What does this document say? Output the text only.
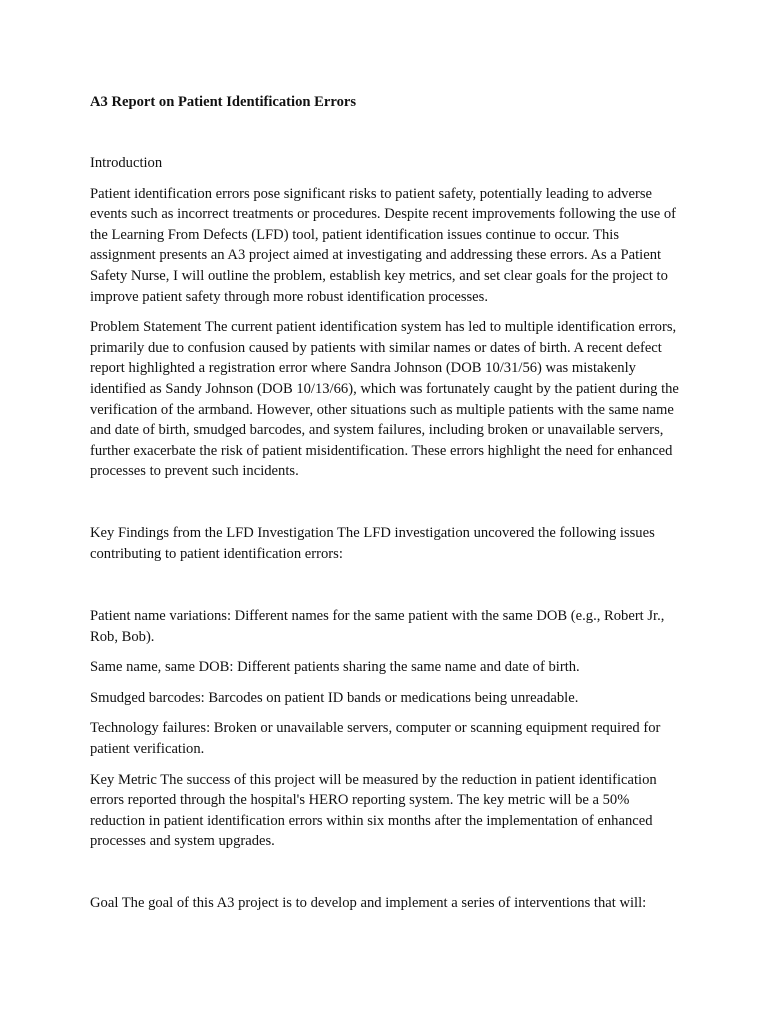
A3 Report on Patient Identification Errors
Introduction

Patient identification errors pose significant risks to patient safety, potentially leading to adverse events such as incorrect treatments or procedures. Despite recent improvements following the use of the Learning From Defects (LFD) tool, patient identification issues continue to occur. This assignment presents an A3 project aimed at investigating and addressing these errors. As a Patient Safety Nurse, I will outline the problem, establish key metrics, and set clear goals for the project to improve patient safety through more robust identification processes.

Problem Statement The current patient identification system has led to multiple identification errors, primarily due to confusion caused by patients with similar names or dates of birth. A recent defect report highlighted a registration error where Sandra Johnson (DOB 10/31/56) was mistakenly identified as Sandy Johnson (DOB 10/13/66), which was fortunately caught by the patient during the verification of the armband. However, other situations such as multiple patients with the same name and date of birth, smudged barcodes, and system failures, including broken or unavailable servers, further exacerbate the risk of patient misidentification. These errors highlight the need for enhanced processes to prevent such incidents.

Key Findings from the LFD Investigation The LFD investigation uncovered the following issues contributing to patient identification errors:

Patient name variations: Different names for the same patient with the same DOB (e.g., Robert Jr., Rob, Bob).

Same name, same DOB: Different patients sharing the same name and date of birth.

Smudged barcodes: Barcodes on patient ID bands or medications being unreadable.

Technology failures: Broken or unavailable servers, computer or scanning equipment required for patient verification.

Key Metric The success of this project will be measured by the reduction in patient identification errors reported through the hospital's HERO reporting system. The key metric will be a 50% reduction in patient identification errors within six months after the implementation of enhanced processes and system upgrades.

Goal The goal of this A3 project is to develop and implement a series of interventions that will:
